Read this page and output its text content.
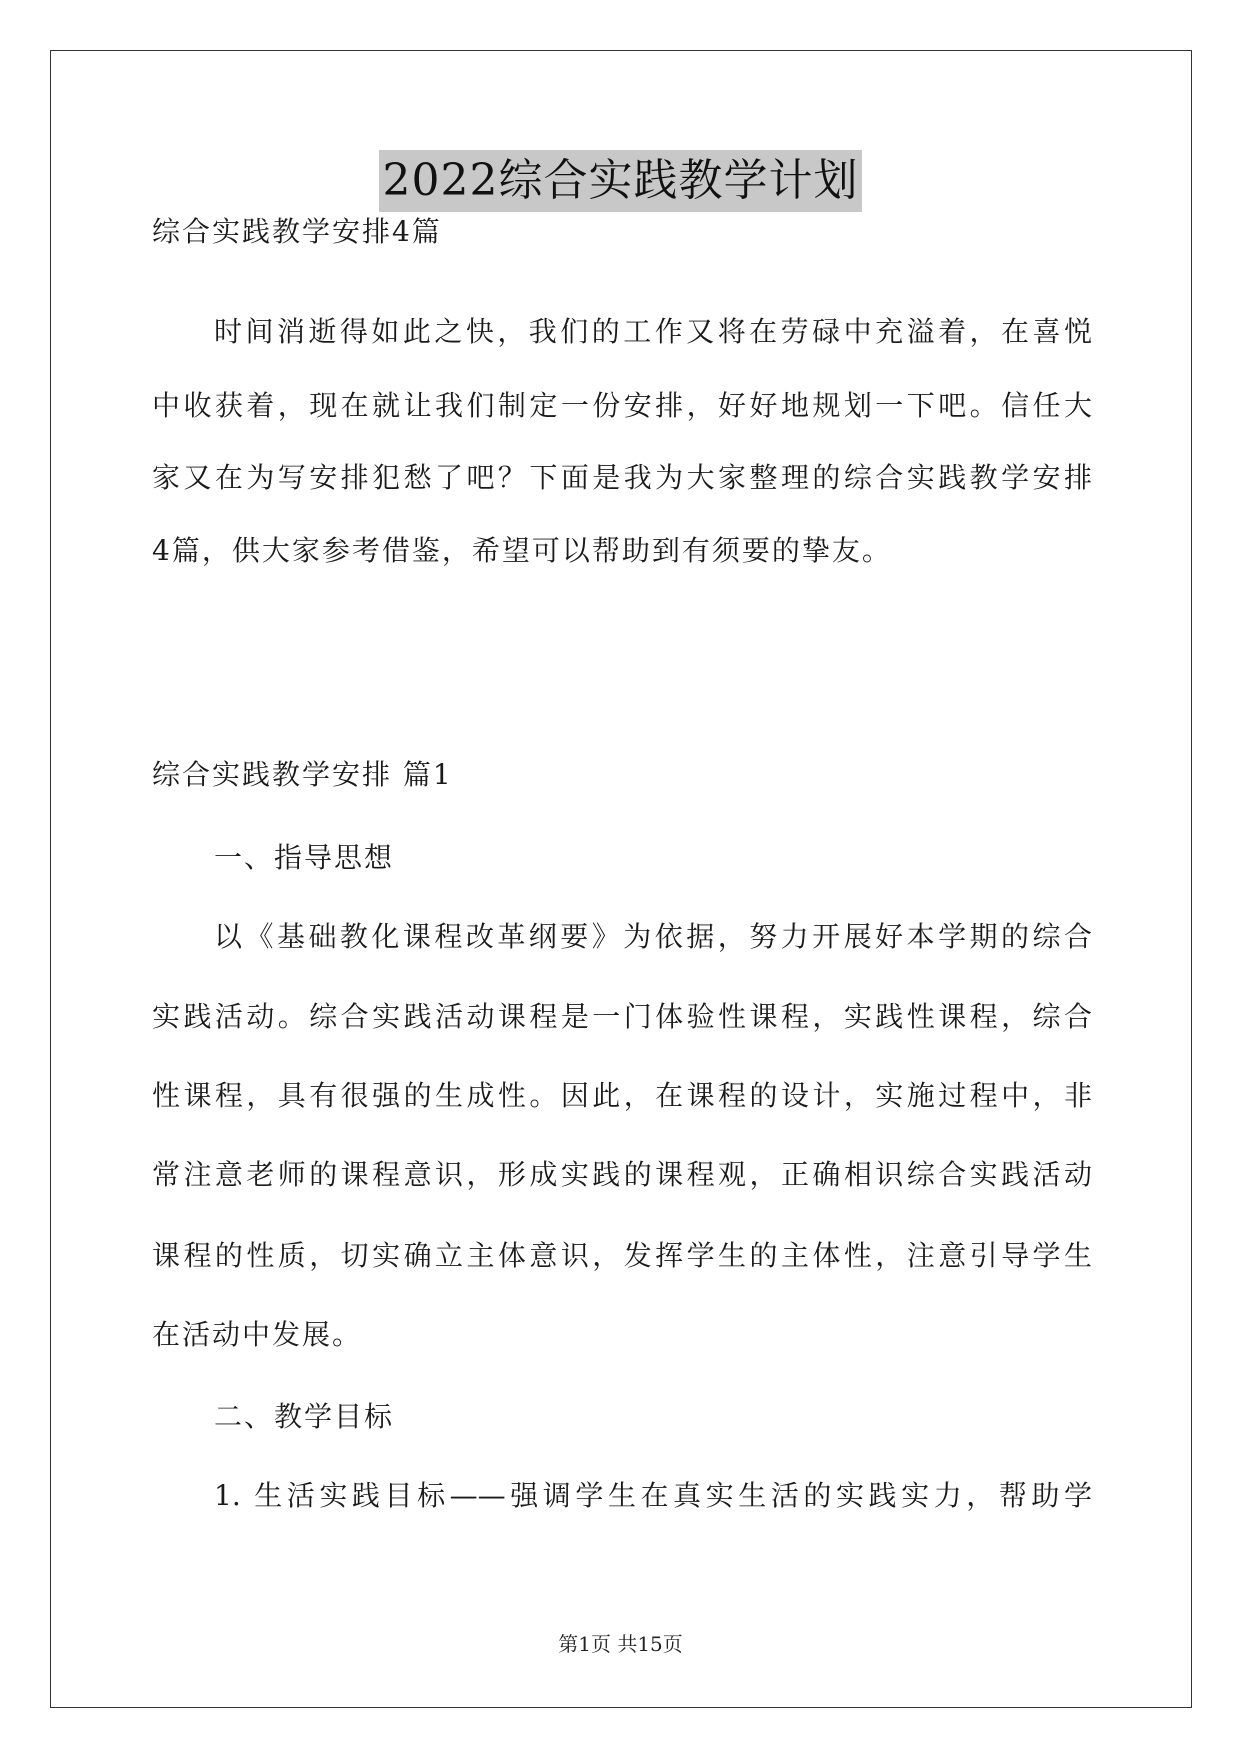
2022综合实践教学计划
综合实践教学安排4篇
时间消逝得如此之快，我们的工作又将在劳碌中充溢着，在喜悦
中收获着，现在就让我们制定一份安排，好好地规划一下吧。信任大
家又在为写安排犯愁了吧？下面是我为大家整理的综合实践教学安排
4篇，供大家参考借鉴，希望可以帮助到有须要的挚友。
综合实践教学安排 篇1
一、指导思想
以《基础教化课程改革纲要》为依据，努力开展好本学期的综合
实践活动。综合实践活动课程是一门体验性课程，实践性课程，综合
性课程，具有很强的生成性。因此，在课程的设计，实施过程中，非
常注意老师的课程意识，形成实践的课程观，正确相识综合实践活动
课程的性质，切实确立主体意识，发挥学生的主体性，注意引导学生
在活动中发展。
二、教学目标
1. 生活实践目标——强调学生在真实生活的实践实力，帮助学
第1页 共15页
